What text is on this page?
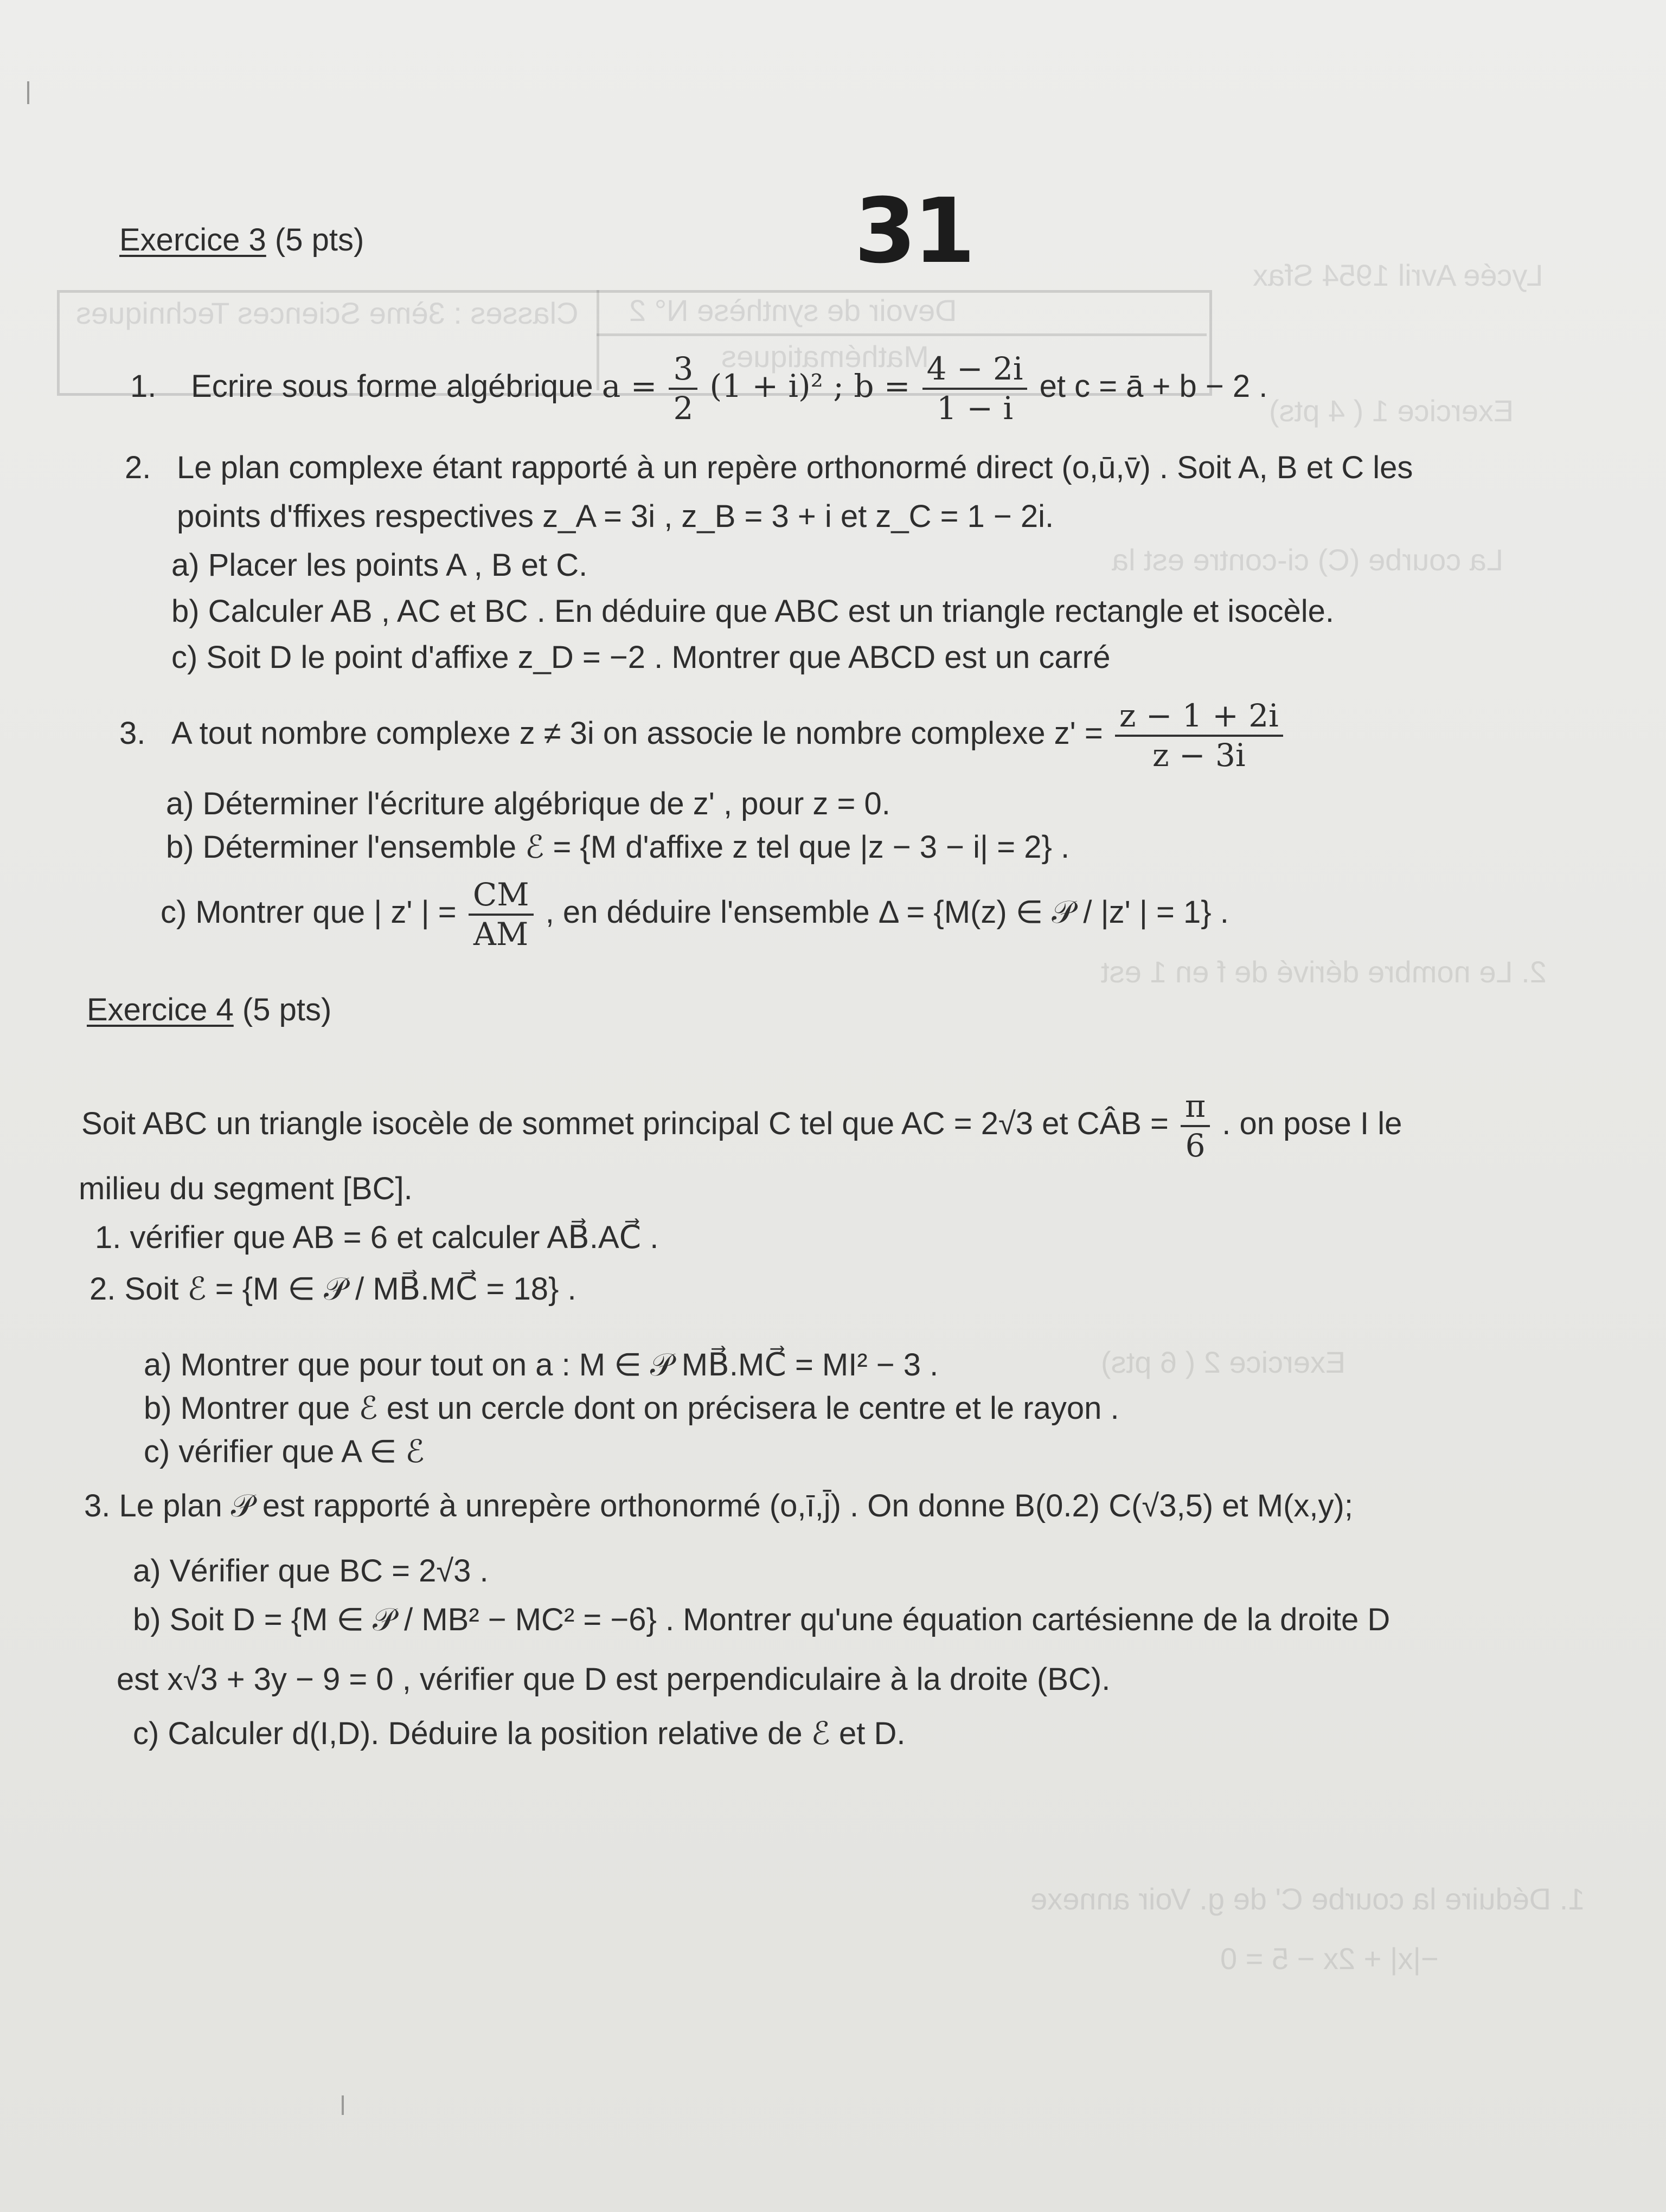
Lycée Avril 1954 Sfax
Devoir de synthèse N° 2
Classes : 3ème Sciences Techniques
Mathématiques
Exercice 1 ( 4 pts)
La courbe (C) ci-contre est la
2. Le nombre dérivé de f en 1 est
Exercice 2 ( 6 pts)
1. Déduire la courbe C' de g. Voir annexe
−|x| + 2x − 5 = 0
31
Exercice 3 (5 pts)
1. Ecrire sous forme algébrique $a = \frac{3}{2} (1 + i)^2$ ; $b = \frac{4 - 2i}{1 - i}$ et c = ā + b − 2 .
2. Le plan complexe étant rapporté à un repère orthonormé direct (o,ū,v̄) . Soit A, B et C les
points d'ffixes respectives z_A = 3i , z_B = 3 + i et z_C = 1 − 2i.
a) Placer les points A , B et C.
b) Calculer AB , AC et BC . En déduire que ABC est un triangle rectangle et isocèle.
c) Soit D le point d'affixe z_D = −2 . Montrer que ABCD est un carré
3. A tout nombre complexe z ≠ 3i on associe le nombre complexe $z' = \frac{z - 1 + 2i}{z - 3i}$
a) Déterminer l'écriture algébrique de z' , pour z = 0.
b) Déterminer l'ensemble ℰ = {M d'affixe z tel que |z − 3 − i| = 2} .
c) Montrer que | z' | = $\frac{CM}{AM}$ , en déduire l'ensemble Δ = {M(z) ∈ 𝒫 / |z' | = 1} .
Exercice 4 (5 pts)
Soit ABC un triangle isocèle de sommet principal C tel que AC = 2√3 et CÂB = $\frac{\pi}{6}$ . on pose I le
milieu du segment [BC].
1. vérifier que AB = 6 et calculer AB⃗.AC⃗ .
2. Soit ℰ = {M ∈ 𝒫 / MB⃗.MC⃗ = 18} .
a) Montrer que pour tout on a : M ∈ 𝒫 MB⃗.MC⃗ = MI² − 3 .
b) Montrer que ℰ est un cercle dont on précisera le centre et le rayon .
c) vérifier que A ∈ ℰ
3. Le plan 𝒫 est rapporté à unrepère orthonormé (o,ī,j̄) . On donne B(0.2) C(√3,5) et M(x,y);
a) Vérifier que BC = 2√3 .
b) Soit D = {M ∈ 𝒫 / MB² − MC² = −6} . Montrer qu'une équation cartésienne de la droite D
est x√3 + 3y − 9 = 0 , vérifier que D est perpendiculaire à la droite (BC).
c) Calculer d(I,D). Déduire la position relative de ℰ et D.
